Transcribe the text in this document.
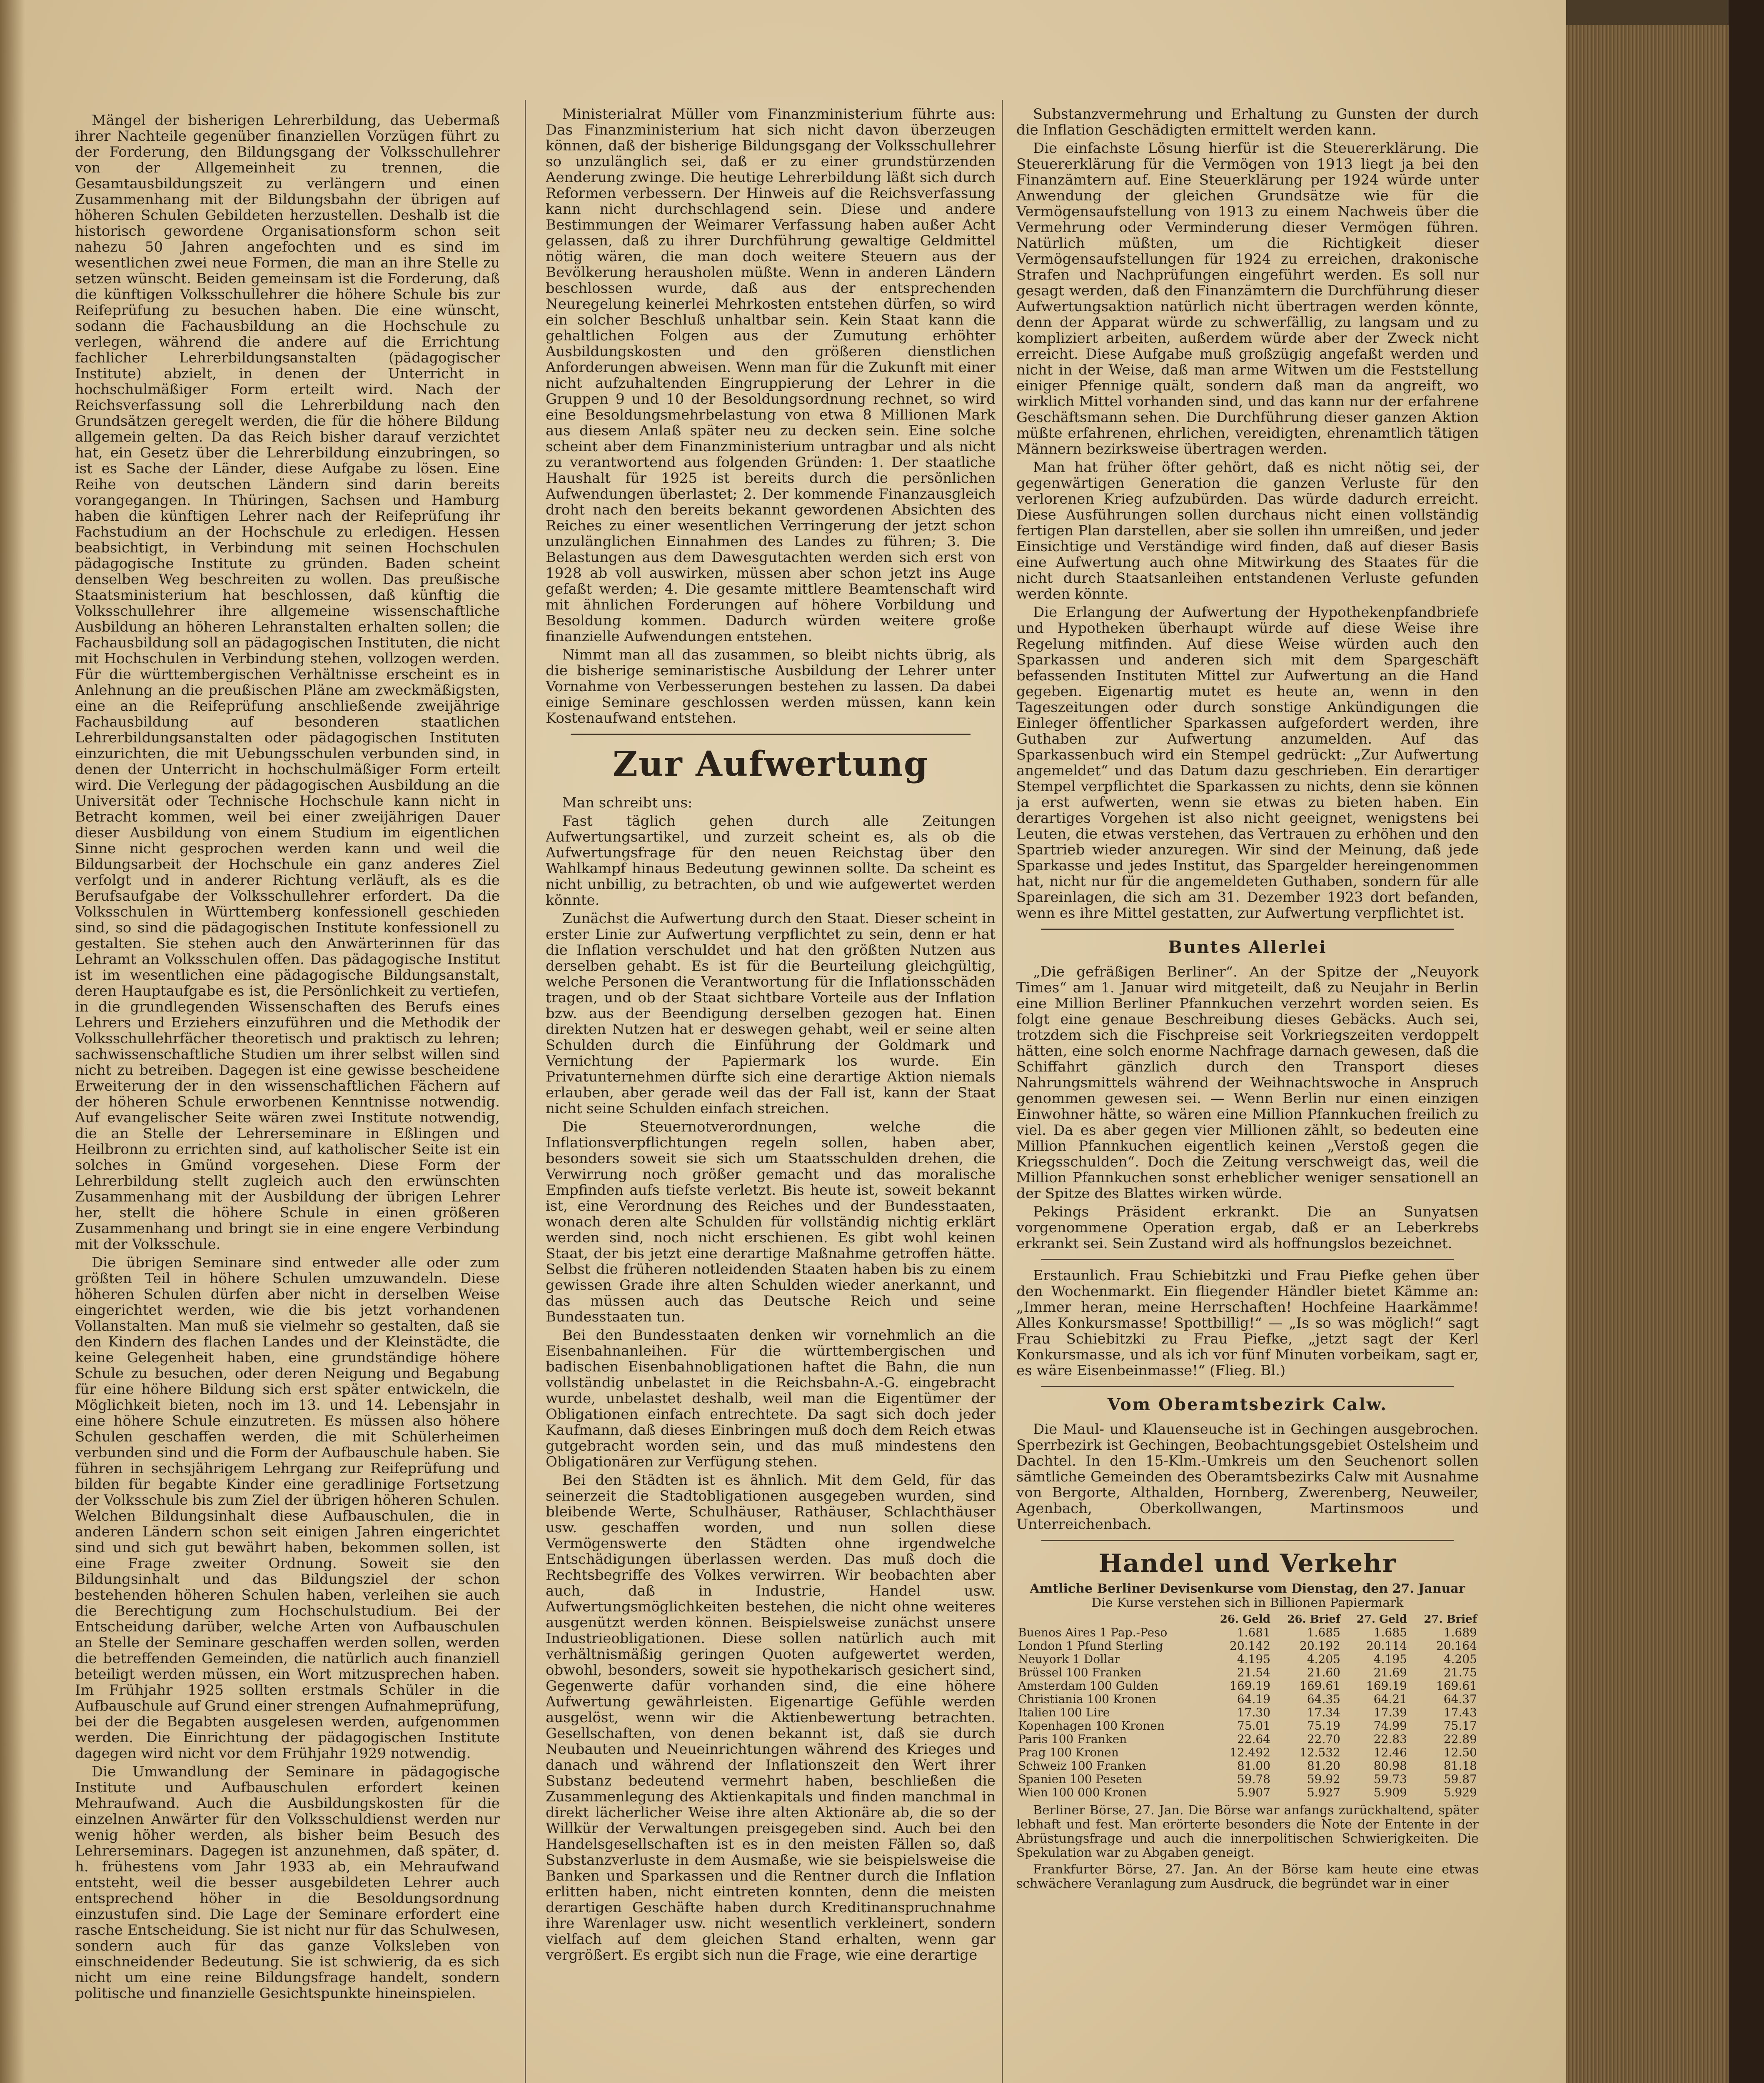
Mängel der bisherigen Lehrerbildung, das Uebermaß ihrer Nachteile gegenüber finanziellen Vorzügen führt zu der Forderung, den Bildungsgang der Volksschullehrer von der Allgemeinheit zu trennen, die Gesamtausbildungszeit zu verlängern und einen Zusammenhang mit der Bildungsbahn der übrigen auf höheren Schulen Gebildeten herzustellen. Deshalb ist die historisch gewordene Organisationsform schon seit nahezu 50 Jahren angefochten und es sind im wesentlichen zwei neue Formen, die man an ihre Stelle zu setzen wünscht. Beiden gemeinsam ist die Forderung, daß die künftigen Volksschullehrer die höhere Schule bis zur Reifeprüfung zu besuchen haben. Die eine wünscht, sodann die Fachausbildung an die Hochschule zu verlegen, während die andere auf die Errichtung fachlicher Lehrerbildungsanstalten (pädagogischer Institute) abzielt, in denen der Unterricht in hochschulmäßiger Form erteilt wird. Nach der Reichsverfassung soll die Lehrerbildung nach den Grundsätzen geregelt werden, die für die höhere Bildung allgemein gelten. Da das Reich bisher darauf verzichtet hat, ein Gesetz über die Lehrerbildung einzubringen, so ist es Sache der Länder, diese Aufgabe zu lösen. Eine Reihe von deutschen Ländern sind darin bereits vorangegangen. In Thüringen, Sachsen und Hamburg haben die künftigen Lehrer nach der Reifeprüfung ihr Fachstudium an der Hochschule zu erledigen. Hessen beabsichtigt, in Verbindung mit seinen Hochschulen pädagogische Institute zu gründen. Baden scheint denselben Weg beschreiten zu wollen. Das preußische Staatsministerium hat beschlossen, daß künftig die Volksschullehrer ihre allgemeine wissenschaftliche Ausbildung an höheren Lehranstalten erhalten sollen; die Fachausbildung soll an pädagogischen Instituten, die nicht mit Hochschulen in Verbindung stehen, vollzogen werden. Für die württembergischen Verhältnisse erscheint es in Anlehnung an die preußischen Pläne am zweckmäßigsten, eine an die Reifeprüfung anschließende zweijährige Fachausbildung auf besonderen staatlichen Lehrerbildungsanstalten oder pädagogischen Instituten einzurichten, die mit Uebungsschulen verbunden sind, in denen der Unterricht in hochschulmäßiger Form erteilt wird. Die Verlegung der pädagogischen Ausbildung an die Universität oder Technische Hochschule kann nicht in Betracht kommen, weil bei einer zweijährigen Dauer dieser Ausbildung von einem Studium im eigentlichen Sinne nicht gesprochen werden kann und weil die Bildungsarbeit der Hochschule ein ganz anderes Ziel verfolgt und in anderer Richtung verläuft, als es die Berufsaufgabe der Volksschullehrer erfordert. Da die Volksschulen in Württemberg konfessionell geschieden sind, so sind die pädagogischen Institute konfessionell zu gestalten. Sie stehen auch den Anwärterinnen für das Lehramt an Volksschulen offen. Das pädagogische Institut ist im wesentlichen eine pädagogische Bildungsanstalt, deren Hauptaufgabe es ist, die Persönlichkeit zu vertiefen, in die grundlegenden Wissenschaften des Berufs eines Lehrers und Erziehers einzuführen und die Methodik der Volksschullehrfächer theoretisch und praktisch zu lehren; sachwissenschaftliche Studien um ihrer selbst willen sind nicht zu betreiben. Dagegen ist eine gewisse bescheidene Erweiterung der in den wissenschaftlichen Fächern auf der höheren Schule erworbenen Kenntnisse notwendig. Auf evangelischer Seite wären zwei Institute notwendig, die an Stelle der Lehrerseminare in Eßlingen und Heilbronn zu errichten sind, auf katholischer Seite ist ein solches in Gmünd vorgesehen. Diese Form der Lehrerbildung stellt zugleich auch den erwünschten Zusammenhang mit der Ausbildung der übrigen Lehrer her, stellt die höhere Schule in einen größeren Zusammenhang und bringt sie in eine engere Verbindung mit der Volksschule.

Die übrigen Seminare sind entweder alle oder zum größten Teil in höhere Schulen umzuwandeln. Diese höheren Schulen dürfen aber nicht in derselben Weise eingerichtet werden, wie die bis jetzt vorhandenen Vollanstalten. Man muß sie vielmehr so gestalten, daß sie den Kindern des flachen Landes und der Kleinstädte, die keine Gelegenheit haben, eine grundständige höhere Schule zu besuchen, oder deren Neigung und Begabung für eine höhere Bildung sich erst später entwickeln, die Möglichkeit bieten, noch im 13. und 14. Lebensjahr in eine höhere Schule einzutreten. Es müssen also höhere Schulen geschaffen werden, die mit Schülerheimen verbunden sind und die Form der Aufbauschule haben. Sie führen in sechsjährigem Lehrgang zur Reifeprüfung und bilden für begabte Kinder eine geradlinige Fortsetzung der Volksschule bis zum Ziel der übrigen höheren Schulen. Welchen Bildungsinhalt diese Aufbauschulen, die in anderen Ländern schon seit einigen Jahren eingerichtet sind und sich gut bewährt haben, bekommen sollen, ist eine Frage zweiter Ordnung. Soweit sie den Bildungsinhalt und das Bildungsziel der schon bestehenden höheren Schulen haben, verleihen sie auch die Berechtigung zum Hochschulstudium. Bei der Entscheidung darüber, welche Arten von Aufbauschulen an Stelle der Seminare geschaffen werden sollen, werden die betreffenden Gemeinden, die natürlich auch finanziell beteiligt werden müssen, ein Wort mitzusprechen haben. Im Frühjahr 1925 sollten erstmals Schüler in die Aufbauschule auf Grund einer strengen Aufnahmeprüfung, bei der die Begabten ausgelesen werden, aufgenommen werden. Die Einrichtung der pädagogischen Institute dagegen wird nicht vor dem Frühjahr 1929 notwendig.

Die Umwandlung der Seminare in pädagogische Institute und Aufbauschulen erfordert keinen Mehraufwand. Auch die Ausbildungskosten für die einzelnen Anwärter für den Volksschuldienst werden nur wenig höher werden, als bisher beim Besuch des Lehrerseminars. Dagegen ist anzunehmen, daß später, d. h. frühestens vom Jahr 1933 ab, ein Mehraufwand entsteht, weil die besser ausgebildeten Lehrer auch entsprechend höher in die Besoldungsordnung einzustufen sind. Die Lage der Seminare erfordert eine rasche Entscheidung. Sie ist nicht nur für das Schulwesen, sondern auch für das ganze Volksleben von einschneidender Bedeutung. Sie ist schwierig, da es sich nicht um eine reine Bildungsfrage handelt, sondern politische und finanzielle Gesichtspunkte hineinspielen.

Ministerialrat Müller vom Finanzministerium führte aus: Das Finanzministerium hat sich nicht davon überzeugen können, daß der bisherige Bildungsgang der Volksschullehrer so unzulänglich sei, daß er zu einer grundstürzenden Aenderung zwinge. Die heutige Lehrerbildung läßt sich durch Reformen verbessern. Der Hinweis auf die Reichsverfassung kann nicht durchschlagend sein. Diese und andere Bestimmungen der Weimarer Verfassung haben außer Acht gelassen, daß zu ihrer Durchführung gewaltige Geldmittel nötig wären, die man doch weitere Steuern aus der Bevölkerung herausholen müßte. Wenn in anderen Ländern beschlossen wurde, daß aus der entsprechenden Neuregelung keinerlei Mehrkosten entstehen dürfen, so wird ein solcher Beschluß unhaltbar sein. Kein Staat kann die gehaltlichen Folgen aus der Zumutung erhöhter Ausbildungskosten und den größeren dienstlichen Anforderungen abweisen. Wenn man für die Zukunft mit einer nicht aufzuhaltenden Eingruppierung der Lehrer in die Gruppen 9 und 10 der Besoldungsordnung rechnet, so wird eine Besoldungsmehrbelastung von etwa 8 Millionen Mark aus diesem Anlaß später neu zu decken sein. Eine solche scheint aber dem Finanzministerium untragbar und als nicht zu verantwortend aus folgenden Gründen: 1. Der staatliche Haushalt für 1925 ist bereits durch die persönlichen Aufwendungen überlastet; 2. Der kommende Finanzausgleich droht nach den bereits bekannt gewordenen Absichten des Reiches zu einer wesentlichen Verringerung der jetzt schon unzulänglichen Einnahmen des Landes zu führen; 3. Die Belastungen aus dem Dawesgutachten werden sich erst von 1928 ab voll auswirken, müssen aber schon jetzt ins Auge gefaßt werden; 4. Die gesamte mittlere Beamtenschaft wird mit ähnlichen Forderungen auf höhere Vorbildung und Besoldung kommen. Dadurch würden weitere große finanzielle Aufwendungen entstehen.

Nimmt man all das zusammen, so bleibt nichts übrig, als die bisherige seminaristische Ausbildung der Lehrer unter Vornahme von Verbesserungen bestehen zu lassen. Da dabei einige Seminare geschlossen werden müssen, kann kein Kostenaufwand entstehen.

Zur Aufwertung

Man schreibt uns:

Fast täglich gehen durch alle Zeitungen Aufwertungsartikel, und zurzeit scheint es, als ob die Aufwertungsfrage für den neuen Reichstag über den Wahlkampf hinaus Bedeutung gewinnen sollte. Da scheint es nicht unbillig, zu betrachten, ob und wie aufgewertet werden könnte.

Zunächst die Aufwertung durch den Staat. Dieser scheint in erster Linie zur Aufwertung verpflichtet zu sein, denn er hat die Inflation verschuldet und hat den größten Nutzen aus derselben gehabt. Es ist für die Beurteilung gleichgültig, welche Personen die Verantwortung für die Inflationsschäden tragen, und ob der Staat sichtbare Vorteile aus der Inflation bzw. aus der Beendigung derselben gezogen hat. Einen direkten Nutzen hat er deswegen gehabt, weil er seine alten Schulden durch die Einführung der Goldmark und Vernichtung der Papiermark los wurde. Ein Privatunternehmen dürfte sich eine derartige Aktion niemals erlauben, aber gerade weil das der Fall ist, kann der Staat nicht seine Schulden einfach streichen.

Die Steuernotverordnungen, welche die Inflationsverpflichtungen regeln sollen, haben aber, besonders soweit sie sich um Staatsschulden drehen, die Verwirrung noch größer gemacht und das moralische Empfinden aufs tiefste verletzt. Bis heute ist, soweit bekannt ist, eine Verordnung des Reiches und der Bundesstaaten, wonach deren alte Schulden für vollständig nichtig erklärt werden sind, noch nicht erschienen. Es gibt wohl keinen Staat, der bis jetzt eine derartige Maßnahme getroffen hätte. Selbst die früheren notleidenden Staaten haben bis zu einem gewissen Grade ihre alten Schulden wieder anerkannt, und das müssen auch das Deutsche Reich und seine Bundesstaaten tun.

Bei den Bundesstaaten denken wir vornehmlich an die Eisenbahnanleihen. Für die württembergischen und badischen Eisenbahnobligationen haftet die Bahn, die nun vollständig unbelastet in die Reichsbahn-A.-G. eingebracht wurde, unbelastet deshalb, weil man die Eigentümer der Obligationen einfach entrechtete. Da sagt sich doch jeder Kaufmann, daß dieses Einbringen muß doch dem Reich etwas gutgebracht worden sein, und das muß mindestens den Obligationären zur Verfügung stehen.

Bei den Städten ist es ähnlich. Mit dem Geld, für das seinerzeit die Stadtobligationen ausgegeben wurden, sind bleibende Werte, Schulhäuser, Rathäuser, Schlachthäuser usw. geschaffen worden, und nun sollen diese Vermögenswerte den Städten ohne irgendwelche Entschädigungen überlassen werden. Das muß doch die Rechtsbegriffe des Volkes verwirren. Wir beobachten aber auch, daß in Industrie, Handel usw. Aufwertungsmöglichkeiten bestehen, die nicht ohne weiteres ausgenützt werden können. Beispielsweise zunächst unsere Industrieobligationen. Diese sollen natürlich auch mit verhältnismäßig geringen Quoten aufgewertet werden, obwohl, besonders, soweit sie hypothekarisch gesichert sind, Gegenwerte dafür vorhanden sind, die eine höhere Aufwertung gewährleisten. Eigenartige Gefühle werden ausgelöst, wenn wir die Aktienbewertung betrachten. Gesellschaften, von denen bekannt ist, daß sie durch Neubauten und Neueinrichtungen während des Krieges und danach und während der Inflationszeit den Wert ihrer Substanz bedeutend vermehrt haben, beschließen die Zusammenlegung des Aktienkapitals und finden manchmal in direkt lächerlicher Weise ihre alten Aktionäre ab, die so der Willkür der Verwaltungen preisgegeben sind. Auch bei den Handelsgesellschaften ist es in den meisten Fällen so, daß Substanzverluste in dem Ausmaße, wie sie beispielsweise die Banken und Sparkassen und die Rentner durch die Inflation erlitten haben, nicht eintreten konnten, denn die meisten derartigen Geschäfte haben durch Kreditinanspruchnahme ihre Warenlager usw. nicht wesentlich verkleinert, sondern vielfach auf dem gleichen Stand erhalten, wenn gar vergrößert. Es ergibt sich nun die Frage, wie eine derartige

Substanzvermehrung und Erhaltung zu Gunsten der durch die Inflation Geschädigten ermittelt werden kann.

Die einfachste Lösung hierfür ist die Steuererklärung. Die Steuererklärung für die Vermögen von 1913 liegt ja bei den Finanzämtern auf. Eine Steuerklärung per 1924 würde unter Anwendung der gleichen Grundsätze wie für die Vermögensaufstellung von 1913 zu einem Nachweis über die Vermehrung oder Verminderung dieser Vermögen führen. Natürlich müßten, um die Richtigkeit dieser Vermögensaufstellungen für 1924 zu erreichen, drakonische Strafen und Nachprüfungen eingeführt werden. Es soll nur gesagt werden, daß den Finanzämtern die Durchführung dieser Aufwertungsaktion natürlich nicht übertragen werden könnte, denn der Apparat würde zu schwerfällig, zu langsam und zu kompliziert arbeiten, außerdem würde aber der Zweck nicht erreicht. Diese Aufgabe muß großzügig angefaßt werden und nicht in der Weise, daß man arme Witwen um die Feststellung einiger Pfennige quält, sondern daß man da angreift, wo wirklich Mittel vorhanden sind, und das kann nur der erfahrene Geschäftsmann sehen. Die Durchführung dieser ganzen Aktion müßte erfahrenen, ehrlichen, vereidigten, ehrenamtlich tätigen Männern bezirksweise übertragen werden.

Man hat früher öfter gehört, daß es nicht nötig sei, der gegenwärtigen Generation die ganzen Verluste für den verlorenen Krieg aufzubürden. Das würde dadurch erreicht. Diese Ausführungen sollen durchaus nicht einen vollständig fertigen Plan darstellen, aber sie sollen ihn umreißen, und jeder Einsichtige und Verständige wird finden, daß auf dieser Basis eine Aufwertung auch ohne Mitwirkung des Staates für die nicht durch Staatsanleihen entstandenen Verluste gefunden werden könnte.

Die Erlangung der Aufwertung der Hypothekenpfandbriefe und Hypotheken überhaupt würde auf diese Weise ihre Regelung mitfinden. Auf diese Weise würden auch den Sparkassen und anderen sich mit dem Spargeschäft befassenden Instituten Mittel zur Aufwertung an die Hand gegeben. Eigenartig mutet es heute an, wenn in den Tageszeitungen oder durch sonstige Ankündigungen die Einleger öffentlicher Sparkassen aufgefordert werden, ihre Guthaben zur Aufwertung anzumelden. Auf das Sparkassenbuch wird ein Stempel gedrückt: „Zur Aufwertung angemeldet“ und das Datum dazu geschrieben. Ein derartiger Stempel verpflichtet die Sparkassen zu nichts, denn sie können ja erst aufwerten, wenn sie etwas zu bieten haben. Ein derartiges Vorgehen ist also nicht geeignet, wenigstens bei Leuten, die etwas verstehen, das Vertrauen zu erhöhen und den Spartrieb wieder anzuregen. Wir sind der Meinung, daß jede Sparkasse und jedes Institut, das Spargelder hereingenommen hat, nicht nur für die angemeldeten Guthaben, sondern für alle Spareinlagen, die sich am 31. Dezember 1923 dort befanden, wenn es ihre Mittel gestatten, zur Aufwertung verpflichtet ist.

Buntes Allerlei

„Die gefräßigen Berliner“. An der Spitze der „Neuyork Times“ am 1. Januar wird mitgeteilt, daß zu Neujahr in Berlin eine Million Berliner Pfannkuchen verzehrt worden seien. Es folgt eine genaue Beschreibung dieses Gebäcks. Auch sei, trotzdem sich die Fischpreise seit Vorkriegszeiten verdoppelt hätten, eine solch enorme Nachfrage darnach gewesen, daß die Schiffahrt gänzlich durch den Transport dieses Nahrungsmittels während der Weihnachtswoche in Anspruch genommen gewesen sei. — Wenn Berlin nur einen einzigen Einwohner hätte, so wären eine Million Pfannkuchen freilich zu viel. Da es aber gegen vier Millionen zählt, so bedeuten eine Million Pfannkuchen eigentlich keinen „Verstoß gegen die Kriegsschulden“. Doch die Zeitung verschweigt das, weil die Million Pfannkuchen sonst erheblicher weniger sensationell an der Spitze des Blattes wirken würde.

Pekings Präsident erkrankt. Die an Sunyatsen vorgenommene Operation ergab, daß er an Leberkrebs erkrankt sei. Sein Zustand wird als hoffnungslos bezeichnet.

Erstaunlich. Frau Schiebitzki und Frau Piefke gehen über den Wochenmarkt. Ein fliegender Händler bietet Kämme an: „Immer heran, meine Herrschaften! Hochfeine Haarkämme! Alles Konkursmasse! Spottbillig!“ — „Is so was möglich!“ sagt Frau Schiebitzki zu Frau Piefke, „jetzt sagt der Kerl Konkursmasse, und als ich vor fünf Minuten vorbeikam, sagt er, es wäre Eisenbeinmasse!“ (Flieg. Bl.)

Vom Oberamtsbezirk Calw.

Die Maul- und Klauenseuche ist in Gechingen ausgebrochen. Sperrbezirk ist Gechingen, Beobachtungsgebiet Ostelsheim und Dachtel. In den 15-Klm.-Umkreis um den Seuchenort sollen sämtliche Gemeinden des Oberamtsbezirks Calw mit Ausnahme von Bergorte, Althalden, Hornberg, Zwerenberg, Neuweiler, Agenbach, Oberkollwangen, Martinsmoos und Unterreichenbach.

Handel und Verkehr
Amtliche Berliner Devisenkurse vom Dienstag, den 27. Januar
Die Kurse verstehen sich in Billionen Papiermark
	26. Geld	26. Brief	27. Geld	27. Brief
Buenos Aires 1 Pap.-Peso	1.681	1.685	1.685	1.689
London 1 Pfund Sterling	20.142	20.192	20.114	20.164
Neuyork 1 Dollar	4.195	4.205	4.195	4.205
Brüssel 100 Franken	21.54	21.60	21.69	21.75
Amsterdam 100 Gulden	169.19	169.61	169.19	169.61
Christiania 100 Kronen	64.19	64.35	64.21	64.37
Italien 100 Lire	17.30	17.34	17.39	17.43
Kopenhagen 100 Kronen	75.01	75.19	74.99	75.17
Paris 100 Franken	22.64	22.70	22.83	22.89
Prag 100 Kronen	12.492	12.532	12.46	12.50
Schweiz 100 Franken	81.00	81.20	80.98	81.18
Spanien 100 Peseten	59.78	59.92	59.73	59.87
Wien 100 000 Kronen	5.907	5.927	5.909	5.929

Berliner Börse, 27. Jan. Die Börse war anfangs zurückhaltend, später lebhaft und fest. Man erörterte besonders die Note der Entente in der Abrüstungsfrage und auch die innerpolitischen Schwierigkeiten. Die Spekulation war zu Abgaben geneigt.

Frankfurter Börse, 27. Jan. An der Börse kam heute eine etwas schwächere Veranlagung zum Ausdruck, die begründet war in einer
